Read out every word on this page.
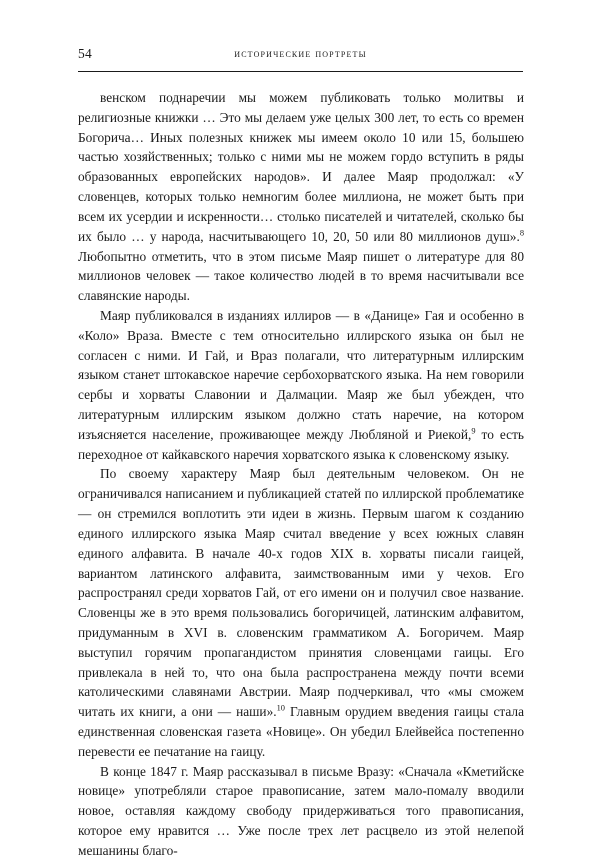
54	исторические портреты

венском поднаречии мы можем публиковать только молитвы и религиозные книжки … Это мы делаем уже целых 300 лет, то есть со времен Богорича… Иных полезных книжек мы имеем около 10 или 15, большею частью хозяйственных; только с ними мы не можем гордо вступить в ряды образованных европейских народов». И далее Маяр продолжал: «У словенцев, которых только немногим более миллиона, не может быть при всем их усердии и искренности… столько писателей и читателей, сколько бы их было … у народа, насчитывающего 10, 20, 50 или 80 миллионов душ».$^8$ Любопытно отметить, что в этом письме Маяр пишет о литературе для 80 миллионов человек — такое количество людей в то время насчитывали все славянские народы.

Маяр публиковался в изданиях иллиров — в «Данице» Гая и особенно в «Коло» Враза. Вместе с тем относительно иллирского языка он был не согласен с ними. И Гай, и Враз полагали, что литературным иллирским языком станет штокавское наречие сербохорватского языка. На нем говорили сербы и хорваты Славонии и Далмации. Маяр же был убежден, что литературным иллирским языком должно стать наречие, на котором изъясняется население, проживающее между Любляной и Риекой,$^9$ то есть переходное от кайкавского наречия хорватского языка к словенскому языку.

По своему характеру Маяр был деятельным человеком. Он не ограничивался написанием и публикацией статей по иллирской проблематике — он стремился воплотить эти идеи в жизнь. Первым шагом к созданию единого иллирского языка Маяр считал введение у всех южных славян единого алфавита. В начале 40-х годов XIX в. хорваты писали гаицей, вариантом латинского алфавита, заимствованным ими у чехов. Его распространял среди хорватов Гай, от его имени он и получил свое название. Словенцы же в это время пользовались богоричицей, латинским алфавитом, придуманным в XVI в. словенским грамматиком А. Богоричем. Маяр выступил горячим пропагандистом принятия словенцами гаицы. Его привлекала в ней то, что она была распространена между почти всеми католическими славянами Австрии. Маяр подчеркивал, что «мы сможем читать их книги, а они — наши».$^{10}$ Главным орудием введения гаицы стала единственная словенская газета «Новице». Он убедил Блейвейса постепенно перевести ее печатание на гаицу.

В конце 1847 г. Маяр рассказывал в письме Вразу: «Сначала «Кметийске новице» употребляли старое правописание, затем мало-помалу вводили новое, оставляя каждому свободу придерживаться того правописания, которое ему нравится … Уже после трех лет расцвело из этой нелепой мешанины благо-
